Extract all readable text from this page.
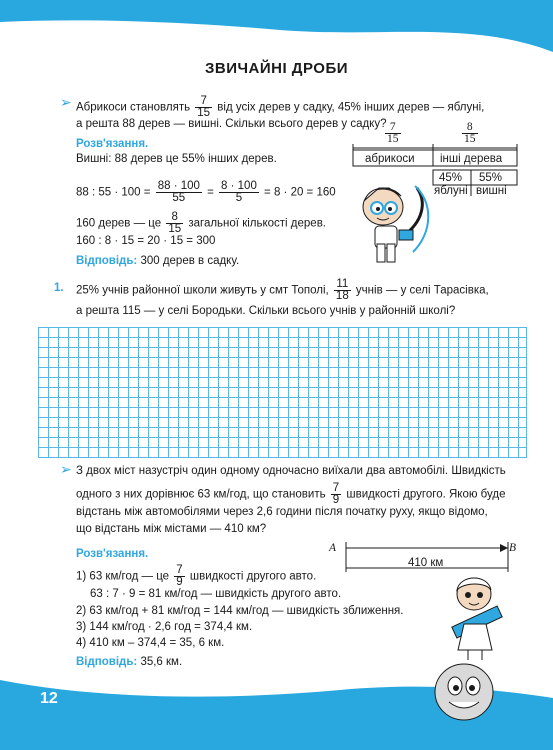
ЗВИЧАЙНІ ДРОБИ
➢ Абрикоси становлять $\frac{7}{15}$ від усіх дерев у садку, 45% інших дерев — яблуні,
а решта 88 дерев — вишні. Скільки всього дерев у садку?
Розв'язання.
Вишні: 88 дерев це 55% інших дерев.
88 : $55 \cdot 100 = \frac{88 \cdot 100}{55} = \frac{8 \cdot 100}{5} = 8 \cdot 20 = 160$
160 дерев — це $\frac{8}{15}$ загальної кількості дерев.
160 : 8 · 15 = 20 · 15 = 300
Відповідь: 300 дерев в садку.
$\frac{7}{15}$	$\frac{8}{15}$
абрикоси інші дерева
45% 55%
яблуні вишні
1. 25% учнів районної школи живуть у смт Тополі, $\frac{11}{18}$ учнів — у селі Тарасівка,
а решта 115 — у селі Бородьки. Скільки всього учнів у районній школі?
➢ З двох міст назустріч один одному одночасно виїхали два автомобілі. Швидкість
одного з них дорівнює 63 км/год, що становить $\frac{7}{9}$ швидкості другого. Якою буде
відстань між автомобілями через 2,6 години після початку руху, якщо відомо,
що відстань між містами — 410 км?
Розв'язання.
1) 63 км/год — це $\frac{7}{9}$ швидкості другого авто.
63 : 7 · 9 = 81 км/год — швидкість другого авто.
2) 63 км/год + 81 км/год = 144 км/год — швидкість зближення.
3) 144 км/год · 2,6 год = 374,4 км.
4) 410 км – 374,4 = 35, 6 км.
Відповідь: 35,6 км.
A	B
410 км
12
